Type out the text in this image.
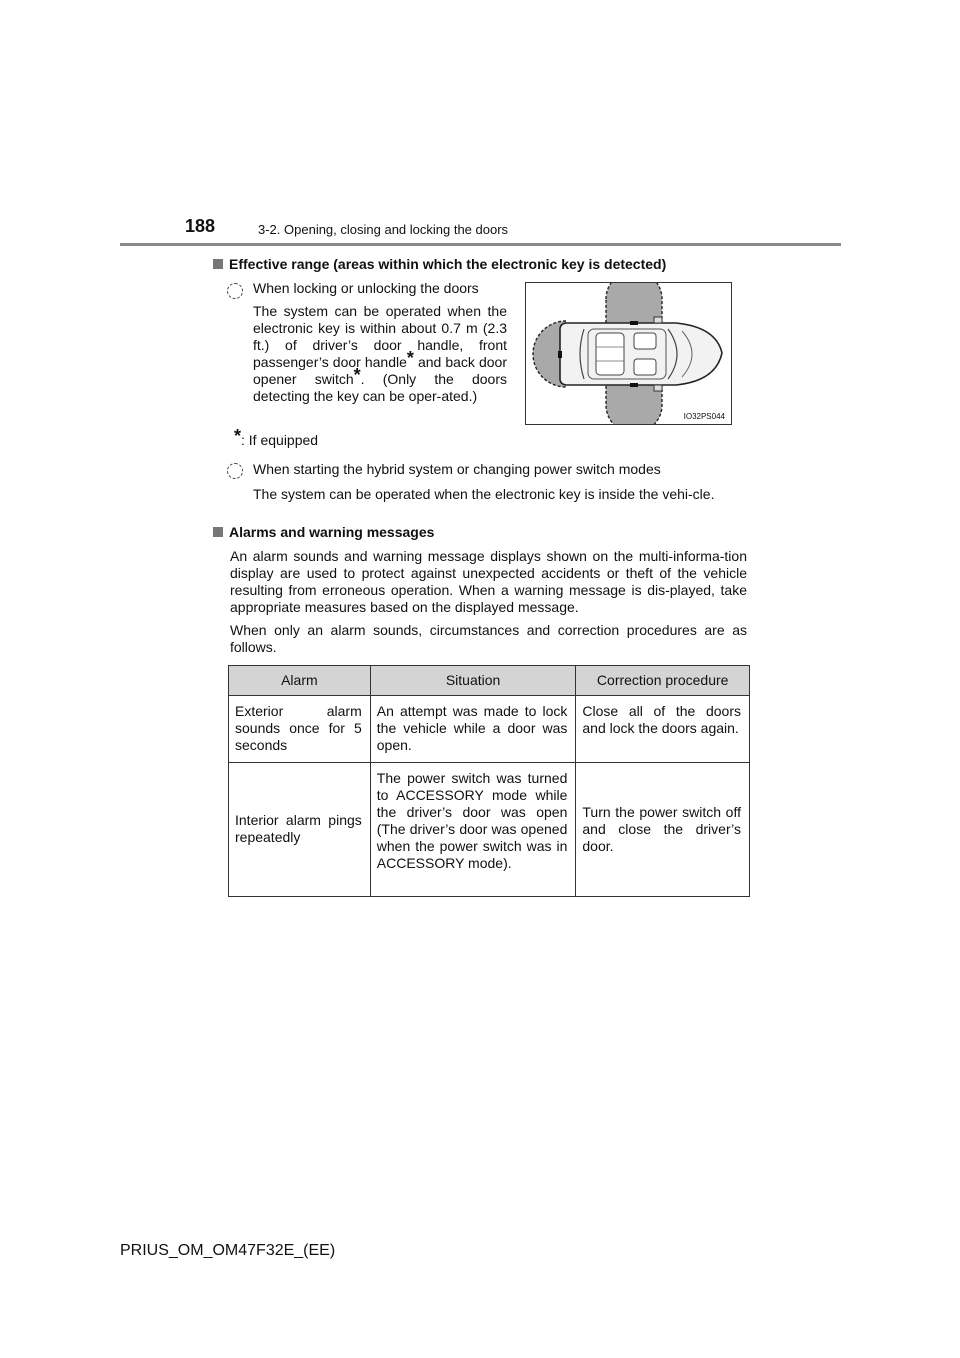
188	3-2. Opening, closing and locking the doors
Effective range (areas within which the electronic key is detected)
When locking or unlocking the doors
The system can be operated when the electronic key is within about 0.7 m (2.3 ft.) of driver’s door handle, front passenger’s door handle* and back door opener switch*. (Only the doors detecting the key can be oper-ated.)
*: If equipped
IO32PS044
When starting the hybrid system or changing power switch modes
The system can be operated when the electronic key is inside the vehi-cle.
Alarms and warning messages
An alarm sounds and warning message displays shown on the multi-informa-tion display are used to protect against unexpected accidents or theft of the vehicle resulting from erroneous operation. When a warning message is dis-played, take appropriate measures based on the displayed message.
When only an alarm sounds, circumstances and correction procedures are as follows.
Alarm	Situation	Correction procedure
Exterior alarm sounds once for 5 seconds	An attempt was made to lock the vehicle while a door was open.	Close all of the doors and lock the doors again.
Interior alarm pings repeatedly	The power switch was turned to ACCESSORY mode while the driver’s door was open (The driver’s door was opened when the power switch was in ACCESSORY mode).	Turn the power switch off and close the driver’s door.
PRIUS_OM_OM47F32E_(EE)
